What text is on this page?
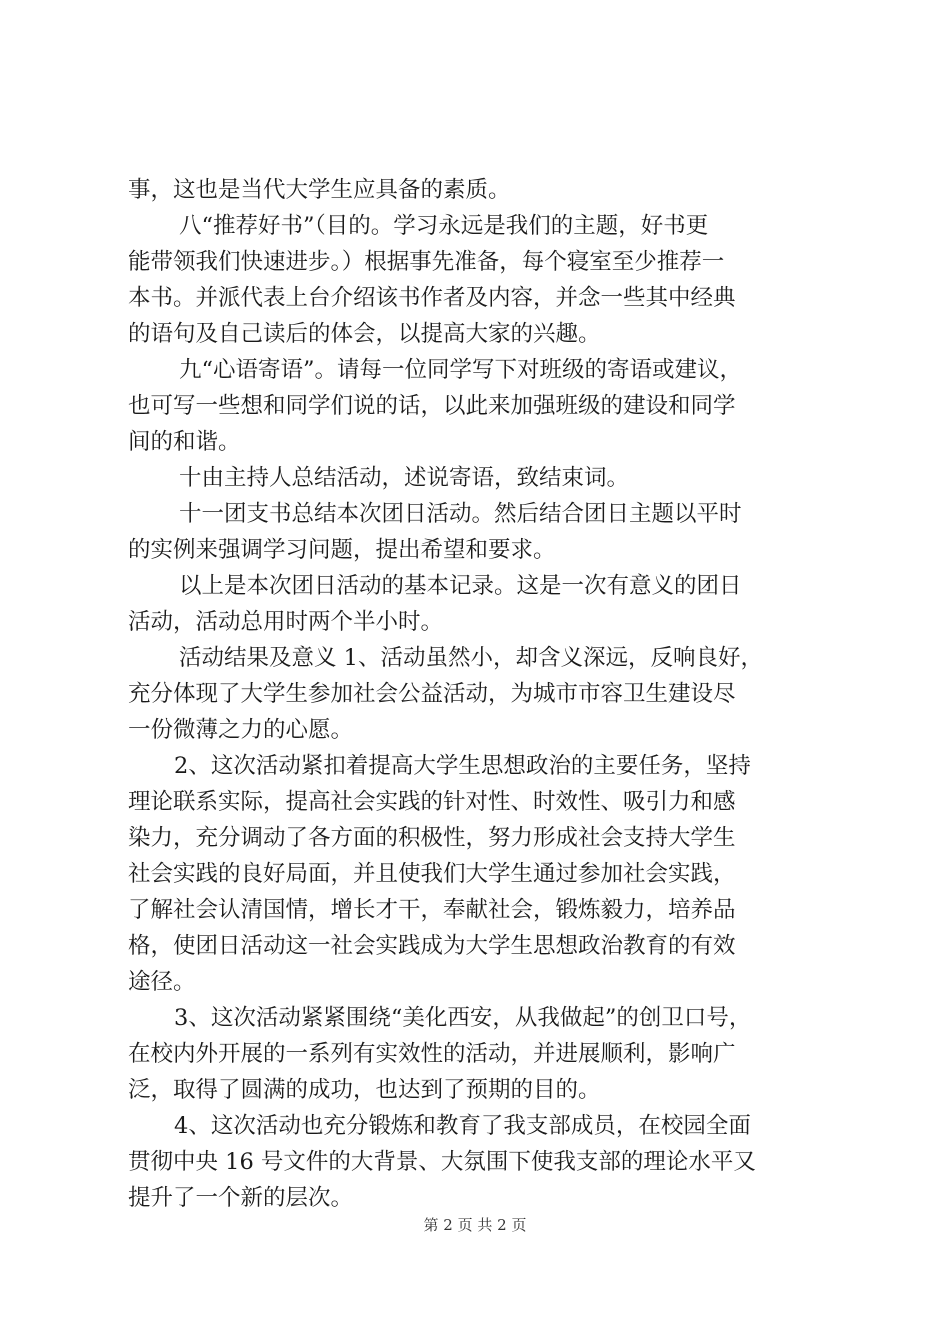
事，这也是当代大学生应具备的素质。
八“推荐好书”（目的。学习永远是我们的主题，好书更
能带领我们快速进步。）根据事先准备，每个寝室至少推荐一
本书。并派代表上台介绍该书作者及内容，并念一些其中经典
的语句及自己读后的体会，以提高大家的兴趣。
九“心语寄语”。请每一位同学写下对班级的寄语或建议，
也可写一些想和同学们说的话，以此来加强班级的建设和同学
间的和谐。
十由主持人总结活动，述说寄语，致结束词。
十一团支书总结本次团日活动。然后结合团日主题以平时
的实例来强调学习问题，提出希望和要求。
以上是本次团日活动的基本记录。这是一次有意义的团日
活动，活动总用时两个半小时。
活动结果及意义 1、活动虽然小，却含义深远，反响良好，
充分体现了大学生参加社会公益活动，为城市市容卫生建设尽
一份微薄之力的心愿。
2、这次活动紧扣着提高大学生思想政治的主要任务，坚持
理论联系实际，提高社会实践的针对性、时效性、吸引力和感
染力，充分调动了各方面的积极性，努力形成社会支持大学生
社会实践的良好局面，并且使我们大学生通过参加社会实践，
了解社会认清国情，增长才干，奉献社会，锻炼毅力，培养品
格，使团日活动这一社会实践成为大学生思想政治教育的有效
途径。
3、这次活动紧紧围绕“美化西安，从我做起”的创卫口号，
在校内外开展的一系列有实效性的活动，并进展顺利，影响广
泛，取得了圆满的成功，也达到了预期的目的。
4、这次活动也充分锻炼和教育了我支部成员，在校园全面
贯彻中央 16 号文件的大背景、大氛围下使我支部的理论水平又
提升了一个新的层次。
第 2 页 共 2 页
